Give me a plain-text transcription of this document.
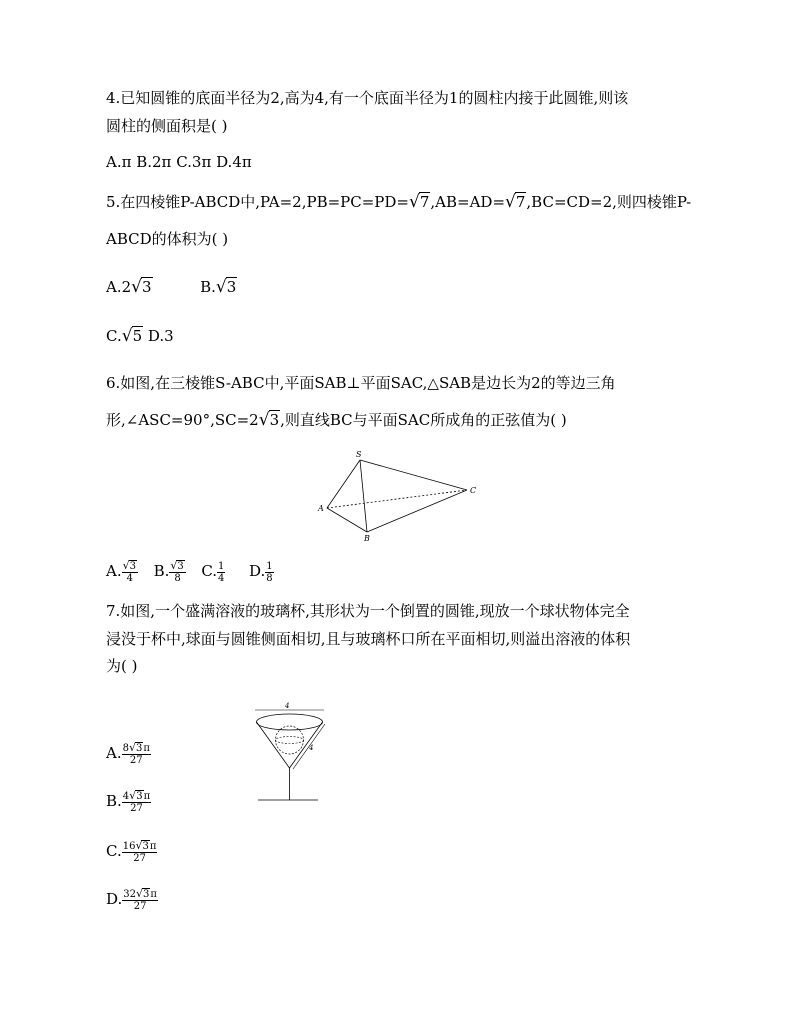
4.已知圆锥的底面半径为2,高为4,有一个底面半径为1的圆柱内接于此圆锥,则该
圆柱的侧面积是( )
A.π B.2π C.3π D.4π
5.在四棱锥P-ABCD中,PA=2,PB=PC=PD=√7,AB=AD=√7,BC=CD=2,则四棱锥P-
ABCD的体积为( )
A.2√3	B.√3
C.√5 D.3
6.如图,在三棱锥S-ABC中,平面SAB⊥平面SAC,△SAB是边长为2的等边三角
形,∠ASC=90°,SC=2√3,则直线BC与平面SAC所成角的正弦值为( )
S
A
B
C
A. $\frac{√3}{4} B$. $\frac{√3}{8} C$. $\frac{1}{4} D$. $\frac{1}{8}$
7.如图,一个盛满溶液的玻璃杯,其形状为一个倒置的圆锥,现放一个球状物体完全
浸没于杯中,球面与圆锥侧面相切,且与玻璃杯口所在平面相切,则溢出溶液的体积
为( )
4
4
A. $\frac{8√3\pi}{27}$
B. $\frac{4√3\pi}{27}$
C. $\frac{16√3\pi}{27}$
D. $\frac{32√3\pi}{27}$
